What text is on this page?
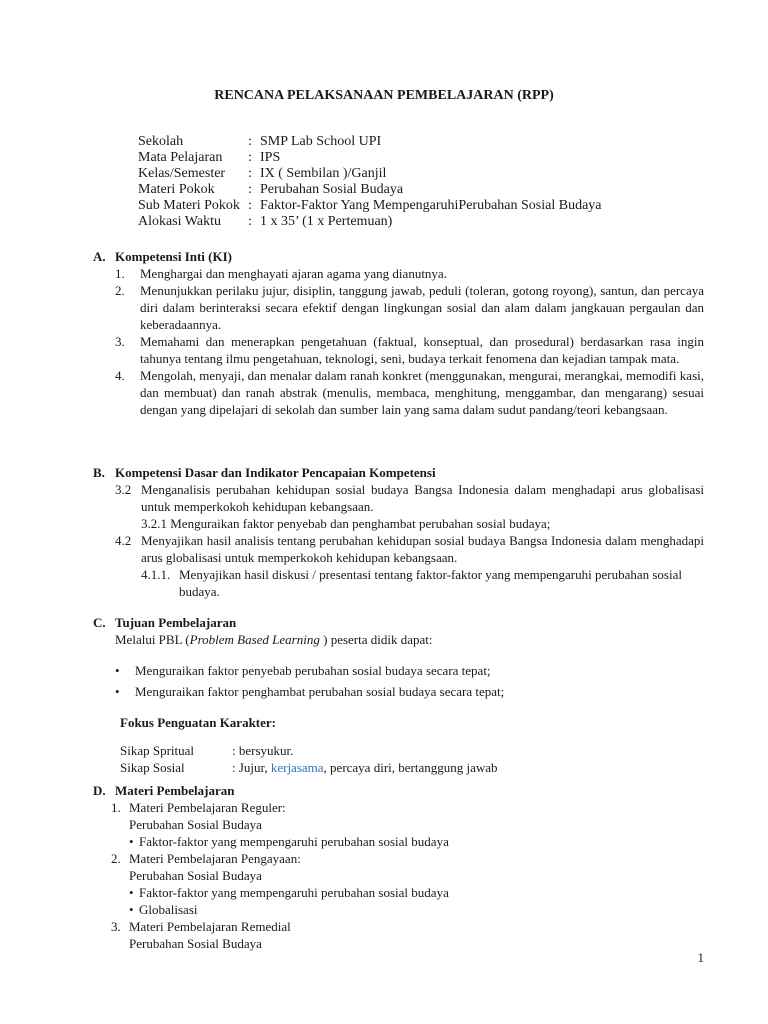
RENCANA PELAKSANAAN PEMBELAJARAN (RPP)
Sekolah	: SMP Lab School UPI
Mata Pelajaran	: IPS
Kelas/Semester	: IX ( Sembilan )/Ganjil
Materi Pokok	: Perubahan Sosial Budaya
Sub Materi Pokok : Faktor-Faktor Yang MempengaruhiPerubahan Sosial Budaya
Alokasi Waktu	: 1 x 35’ (1 x Pertemuan)
A. Kompetensi Inti (KI)
1.	Menghargai dan menghayati ajaran agama yang dianutnya.
2.	Menunjukkan perilaku jujur, disiplin, tanggung jawab, peduli (toleran, gotong royong), santun, dan percaya diri dalam berinteraksi secara efektif dengan lingkungan sosial dan alam dalam jangkauan pergaulan dan keberadaannya.
3.	Memahami dan menerapkan pengetahuan (faktual, konseptual, dan prosedural) berdasarkan rasa ingin tahunya tentang ilmu pengetahuan, teknologi, seni, budaya terkait fenomena dan kejadian tampak mata.
4.	Mengolah, menyaji, dan menalar dalam ranah konkret (menggunakan, mengurai, merangkai, memodifi kasi, dan membuat) dan ranah abstrak (menulis, membaca, menghitung, menggambar, dan mengarang) sesuai dengan yang dipelajari di sekolah dan sumber lain yang sama dalam sudut pandang/teori kebangsaan.
B. Kompetensi Dasar dan Indikator Pencapaian Kompetensi
3.2 Menganalisis perubahan kehidupan sosial budaya Bangsa Indonesia dalam menghadapi arus globalisasi untuk memperkokoh kehidupan kebangsaan.
3.2.1 Menguraikan faktor penyebab dan penghambat perubahan sosial budaya;
4.2 Menyajikan hasil analisis tentang perubahan kehidupan sosial budaya Bangsa Indonesia dalam menghadapi arus globalisasi untuk memperkokoh kehidupan kebangsaan.
4.1.1. Menyajikan hasil diskusi / presentasi tentang faktor-faktor yang mempengaruhi perubahan sosial budaya.
C. Tujuan Pembelajaran
Melalui PBL (Problem Based Learning ) peserta didik dapat:
•	Menguraikan faktor penyebab perubahan sosial budaya secara tepat;
•	Menguraikan faktor penghambat perubahan sosial budaya secara tepat;
Fokus Penguatan Karakter:
Sikap Spritual	: bersyukur.
Sikap Sosial	: Jujur, kerjasama, percaya diri, bertanggung jawab
D. Materi Pembelajaran
1. Materi Pembelajaran Reguler:
Perubahan Sosial Budaya
• Faktor-faktor yang mempengaruhi perubahan sosial budaya
2. Materi Pembelajaran Pengayaan:
Perubahan Sosial Budaya
• Faktor-faktor yang mempengaruhi perubahan sosial budaya
• Globalisasi
3. Materi Pembelajaran Remedial
Perubahan Sosial Budaya
1
